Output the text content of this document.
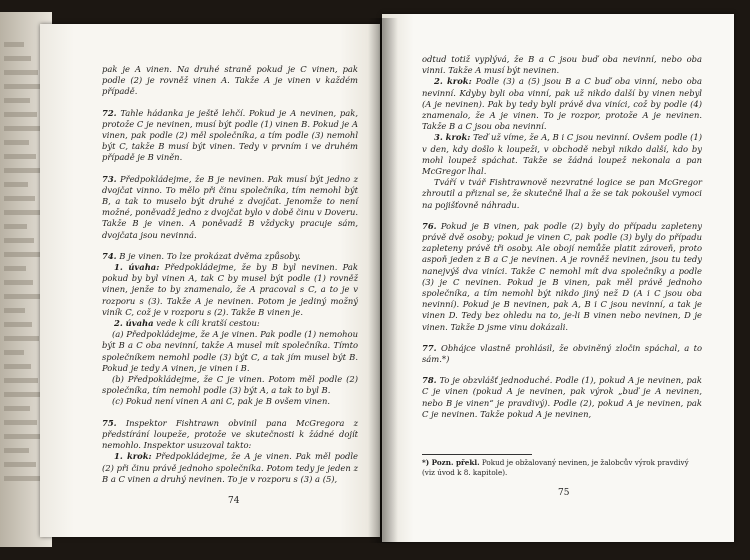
pak je A vinen. Na druhé straně pokud je C vinen, pak podle (2) je rovněž vinen A. Takže A je vinen v každém případě.

72. Tahle hádanka je ještě lehčí. Pokud je A nevinen, pak, protože C je nevinen, musí být podle (1) vinen B. Pokud je A vinen, pak podle (2) měl společníka, a tím podle (3) nemohl být C, takže B musí být vinen. Tedy v prvním i ve druhém případě je B viněn.

73. Předpokládejme, že B je nevinen. Pak musí být jedno z dvojčat vinno. To mělo při činu společníka, tím nemohl být B, a tak to muselo být druhé z dvojčat. Jenomže to není možné, poněvadž jedno z dvojčat bylo v době činu v Doveru. Takže B je vinen. A poněvadž B vždycky pracuje sám, dvojčata jsou nevinná.

74. B je vinen. To lze prokázat dvěma způsoby.

1. úvaha: Předpokládejme, že by B byl nevinen. Pak pokud by byl vinen A, tak C by musel být podle (1) rovněž vinen, jenže to by znamenalo, že A pracoval s C, a to je v rozporu s (3). Takže A je nevinen. Potom je jediný možný viník C, což je v rozporu s (2). Takže B vinen je.

2. úvaha vede k cíli kratší cestou:

(a) Předpokládejme, že A je vinen. Pak podle (1) nemohou být B a C oba nevinní, takže A musel mít společníka. Tímto společníkem nemohl podle (3) být C, a tak jím musel být B. Pokud je tedy A vinen, je vinen i B.

(b) Předpokládejme, že C je vinen. Potom měl podle (2) společníka, tím nemohl podle (3) být A, a tak to byl B.

(c) Pokud není vinen A ani C, pak je B ovšem vinen.

75. Inspektor Fishtrawn obvinil pana McGregora z předstírání loupeže, protože ve skutečnosti k žádné dojít nemohlo. Inspektor usuzoval takto:

1. krok: Předpokládejme, že A je vinen. Pak měl podle (2) při činu právě jednoho společníka. Potom tedy je jeden z B a C vinen a druhý nevinen. To je v rozporu s (3) a (5),

74

odtud totiž vyplývá, že B a C jsou buď oba nevinní, nebo oba vinni. Takže A musí být nevinen.

2. krok: Podle (3) a (5) jsou B a C buď oba vinní, nebo oba nevinní. Kdyby byli oba vinní, pak už nikdo další by vinen nebyl (A je nevinen). Pak by tedy byli právě dva viníci, což by podle (4) znamenalo, že A je vinen. To je rozpor, protože A je nevinen. Takže B a C jsou oba nevinní.

3. krok: Teď už víme, že A, B i C jsou nevinní. Ovšem podle (1) v den, kdy došlo k loupeži, v obchodě nebyl nikdo další, kdo by mohl loupež spáchat. Takže se žádná loupež nekonala a pan McGregor lhal.

Tváří v tvář Fishtrawnově nezvratné logice se pan McGregor zhroutil a přiznal se, že skutečně lhal a že se tak pokoušel vymoci na pojišťovně náhradu.

76. Pokud je B vinen, pak podle (2) byly do případu zapleteny právě dvě osoby; pokud je vinen C, pak podle (3) byly do případu zapleteny právě tři osoby. Ale obojí nemůže platit zároveň, proto aspoň jeden z B a C je nevinen. A je rovněž nevinen, jsou tu tedy nanejvýš dva viníci. Takže C nemohl mít dva společníky a podle (3) je C nevinen. Pokud je B vinen, pak měl právě jednoho společníka, a tím nemohl být nikdo jiný než D (A i C jsou oba nevinní). Pokud je B nevinen, pak A, B i C jsou nevinní, a tak je vinen D. Tedy bez ohledu na to, je-li B vinen nebo nevinen, D je vinen. Takže D jsme vinu dokázali.

77. Obhájce vlastně prohlásil, že obviněný zločin spáchal, a to sám.*)

78. To je obzvlášť jednoduché. Podle (1), pokud A je nevinen, pak C je vinen (pokud A je nevinen, pak výrok „buď je A nevinen, nebo B je vinen“ je pravdivý). Podle (2), pokud A je nevinen, pak C je nevinen. Takže pokud A je nevinen,

*) Pozn. překl. Pokud je obžalovaný nevinen, je žalobcův výrok pravdivý (viz úvod k 8. kapitole).
75
